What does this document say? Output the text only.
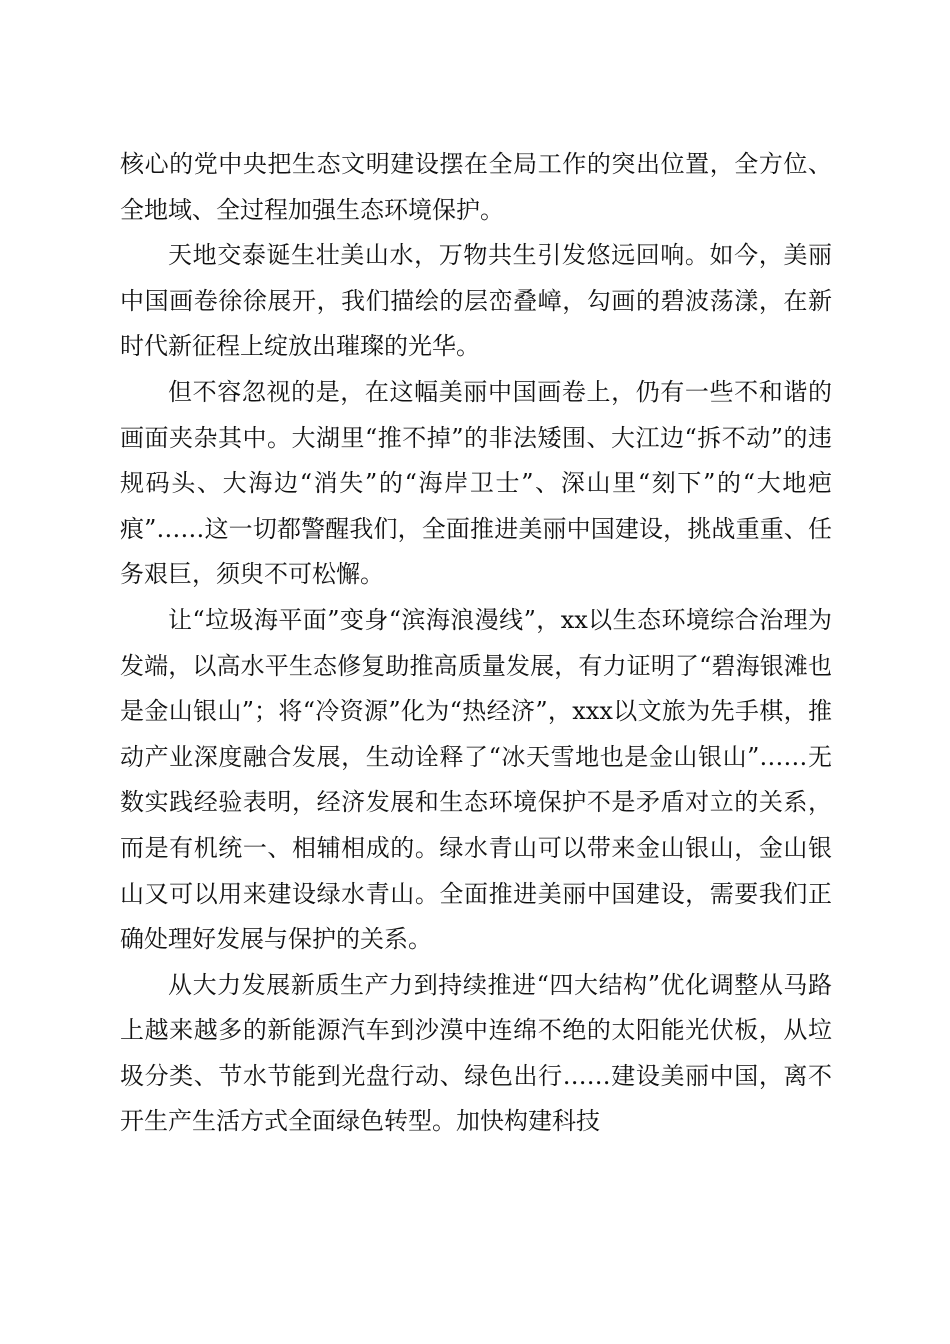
核心的党中央把生态文明建设摆在全局工作的突出位置，全方位、全地域、全过程加强生态环境保护。

天地交泰诞生壮美山水，万物共生引发悠远回响。如今，美丽中国画卷徐徐展开，我们描绘的层峦叠嶂，勾画的碧波荡漾，在新时代新征程上绽放出璀璨的光华。

但不容忽视的是，在这幅美丽中国画卷上，仍有一些不和谐的画面夹杂其中。大湖里“推不掉”的非法矮围、大江边“拆不动”的违规码头、大海边“消失”的“海岸卫士”、深山里“刻下”的“大地疤痕”……这一切都警醒我们，全面推进美丽中国建设，挑战重重、任务艰巨，须臾不可松懈。

让“垃圾海平面”变身“滨海浪漫线”，xx以生态环境综合治理为发端，以高水平生态修复助推高质量发展，有力证明了“碧海银滩也是金山银山”；将“冷资源”化为“热经济”，xxx以文旅为先手棋，推动产业深度融合发展，生动诠释了“冰天雪地也是金山银山”……无数实践经验表明，经济发展和生态环境保护不是矛盾对立的关系，而是有机统一、相辅相成的。绿水青山可以带来金山银山，金山银山又可以用来建设绿水青山。全面推进美丽中国建设，需要我们正确处理好发展与保护的关系。

从大力发展新质生产力到持续推进“四大结构”优化调整从马路上越来越多的新能源汽车到沙漠中连绵不绝的太阳能光伏板，从垃圾分类、节水节能到光盘行动、绿色出行……建设美丽中国，离不开生产生活方式全面绿色转型。加快构建科技
